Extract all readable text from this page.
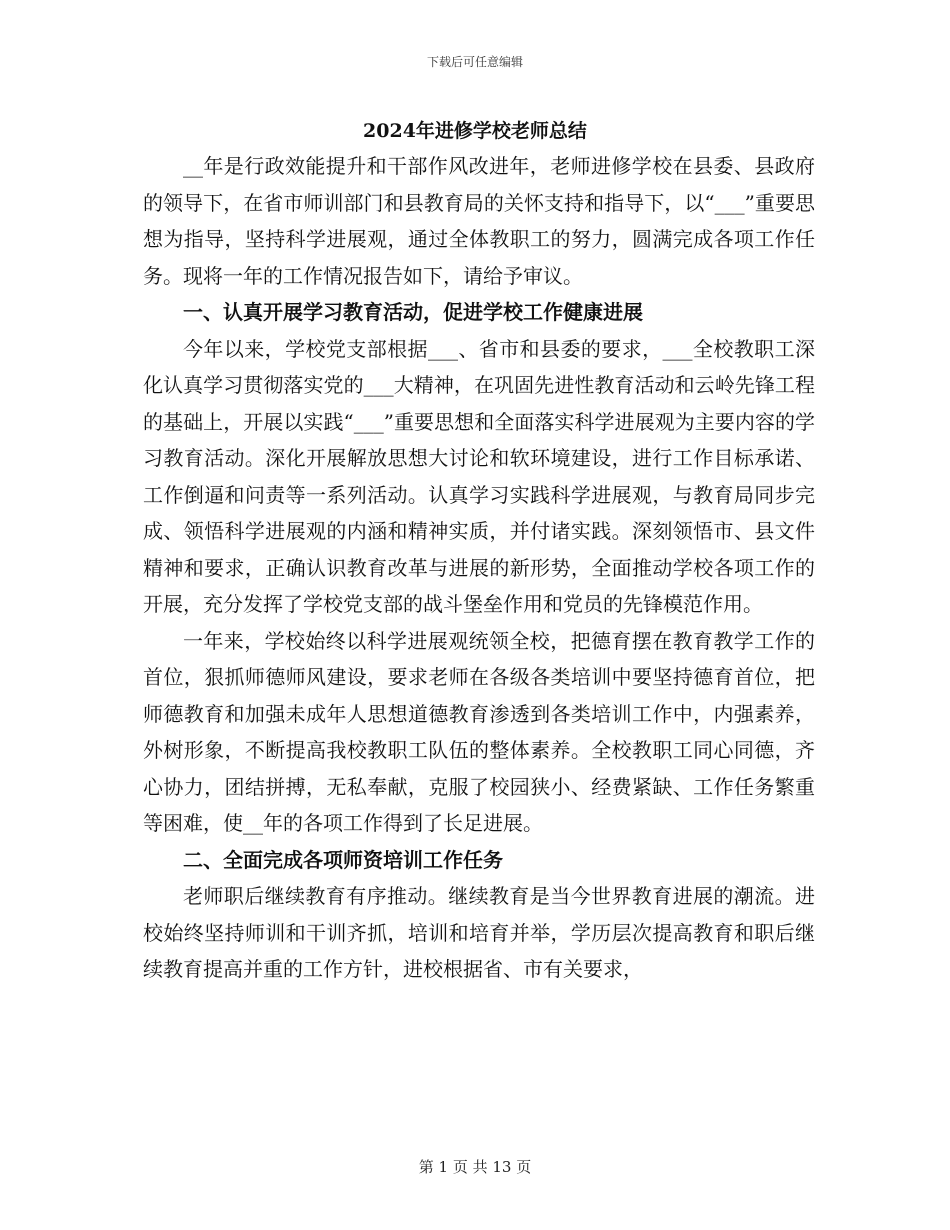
下载后可任意编辑
2024年进修学校老师总结

__年是行政效能提升和干部作风改进年，老师进修学校在县委、县政府的领导下，在省市师训部门和县教育局的关怀支持和指导下，以“___”重要思想为指导，坚持科学进展观，通过全体教职工的努力，圆满完成各项工作任务。现将一年的工作情况报告如下，请给予审议。

一、认真开展学习教育活动，促进学校工作健康进展

今年以来，学校党支部根据___、省市和县委的要求，___全校教职工深化认真学习贯彻落实党的___大精神，在巩固先进性教育活动和云岭先锋工程的基础上，开展以实践“___”重要思想和全面落实科学进展观为主要内容的学习教育活动。深化开展解放思想大讨论和软环境建设，进行工作目标承诺、工作倒逼和问责等一系列活动。认真学习实践科学进展观，与教育局同步完成、领悟科学进展观的内涵和精神实质，并付诸实践。深刻领悟市、县文件精神和要求，正确认识教育改革与进展的新形势，全面推动学校各项工作的开展，充分发挥了学校党支部的战斗堡垒作用和党员的先锋模范作用。

一年来，学校始终以科学进展观统领全校，把德育摆在教育教学工作的首位，狠抓师德师风建设，要求老师在各级各类培训中要坚持德育首位，把师德教育和加强未成年人思想道德教育渗透到各类培训工作中，内强素养，外树形象，不断提高我校教职工队伍的整体素养。全校教职工同心同德，齐心协力，团结拼搏，无私奉献，克服了校园狭小、经费紧缺、工作任务繁重等困难，使__年的各项工作得到了长足进展。

二、全面完成各项师资培训工作任务

老师职后继续教育有序推动。继续教育是当今世界教育进展的潮流。进校始终坚持师训和干训齐抓，培训和培育并举，学历层次提高教育和职后继续教育提高并重的工作方针，进校根据省、市有关要求，

第 1 页 共 13 页
